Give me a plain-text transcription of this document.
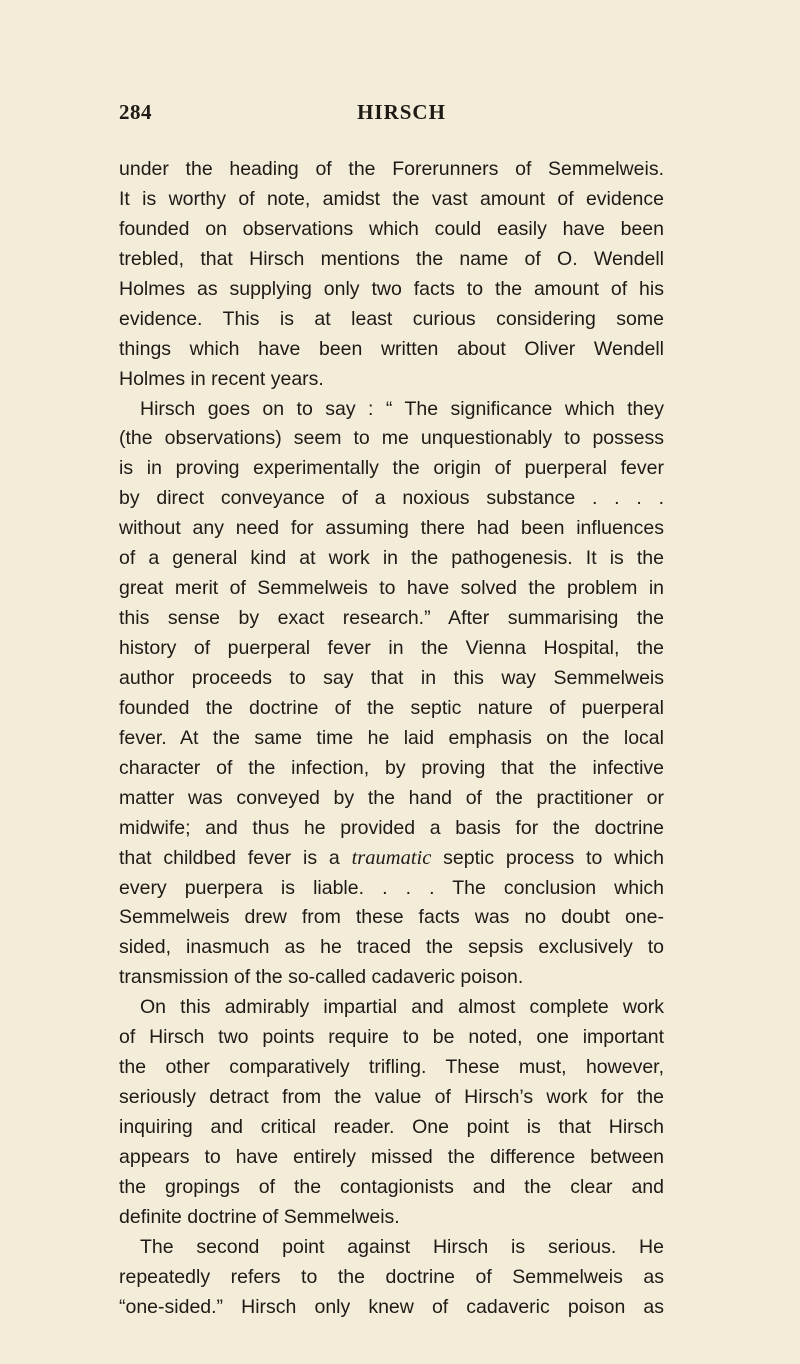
284	HIRSCH
under the heading of the Forerunners of Semmelweis.
It is worthy of note, amidst the vast amount of evidence
founded on observations which could easily have been
trebled, that Hirsch mentions the name of O. Wendell
Holmes as supplying only two facts to the amount of his
evidence. This is at least curious considering some
things which have been written about Oliver Wendell
Holmes in recent years.
Hirsch goes on to say : “ The significance which they
(the observations) seem to me unquestionably to possess
is in proving experimentally the origin of puerperal fever
by direct conveyance of a noxious substance . . . .
without any need for assuming there had been influences
of a general kind at work in the pathogenesis. It is the
great merit of Semmelweis to have solved the problem in
this sense by exact research.” After summarising the
history of puerperal fever in the Vienna Hospital, the
author proceeds to say that in this way Semmelweis
founded the doctrine of the septic nature of puerperal
fever. At the same time he laid emphasis on the local
character of the infection, by proving that the infective
matter was conveyed by the hand of the practitioner or
midwife; and thus he provided a basis for the doctrine
that childbed fever is a traumatic septic process to which
every puerpera is liable. . . . The conclusion which
Semmelweis drew from these facts was no doubt one-
sided, inasmuch as he traced the sepsis exclusively to
transmission of the so-called cadaveric poison.
On this admirably impartial and almost complete work
of Hirsch two points require to be noted, one important
the other comparatively trifling. These must, however,
seriously detract from the value of Hirsch’s work for the
inquiring and critical reader. One point is that Hirsch
appears to have entirely missed the difference between
the gropings of the contagionists and the clear and
definite doctrine of Semmelweis.
The second point against Hirsch is serious. He
repeatedly refers to the doctrine of Semmelweis as
“one-sided.” Hirsch only knew of cadaveric poison as
